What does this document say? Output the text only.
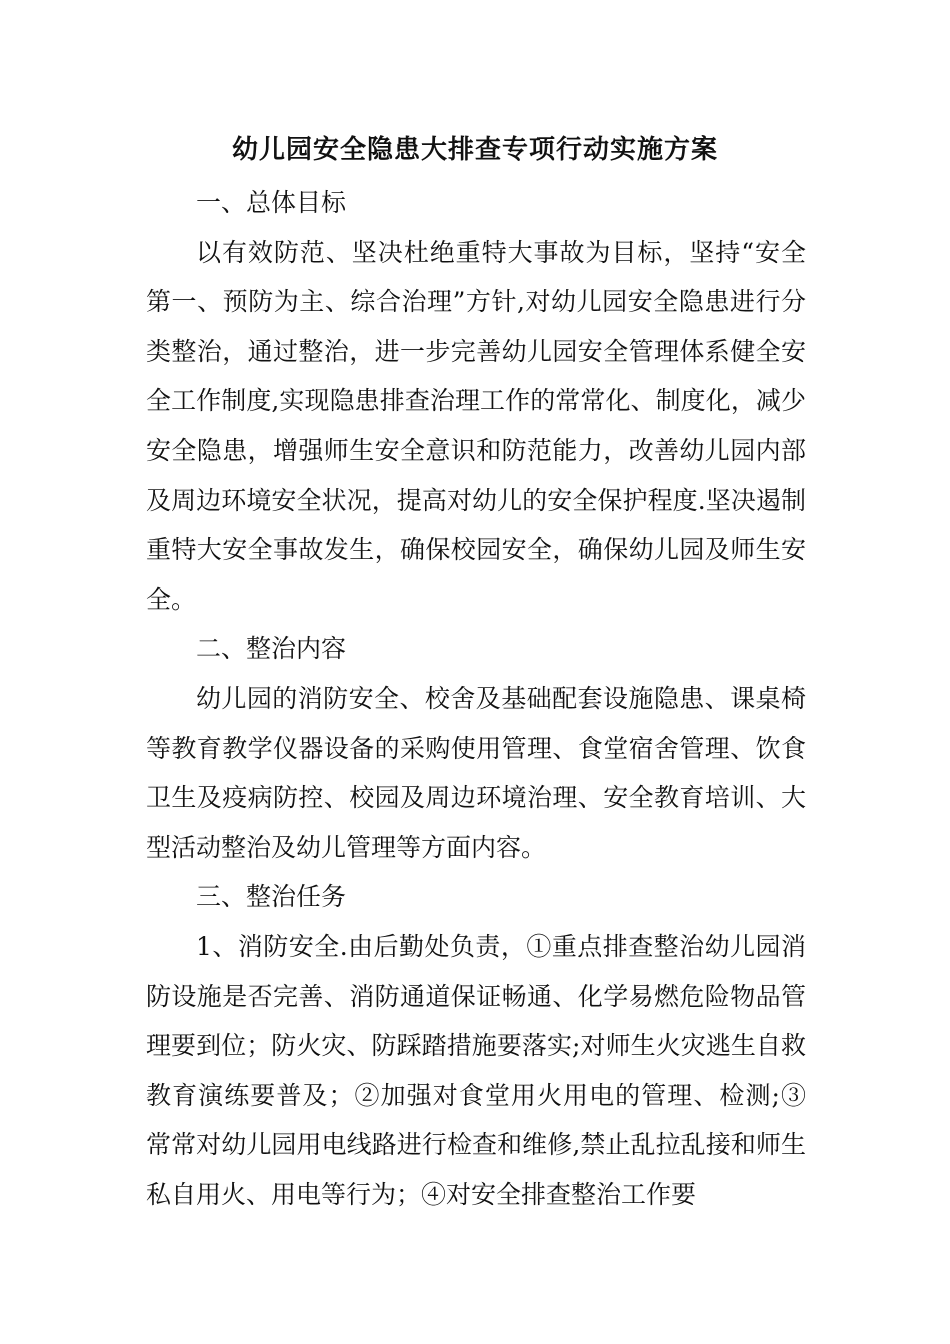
幼儿园安全隐患大排查专项行动实施方案

一、总体目标

以有效防范、坚决杜绝重特大事故为目标，坚持“安全第一、预防为主、综合治理”方针,对幼儿园安全隐患进行分类整治，通过整治，进一步完善幼儿园安全管理体系健全安全工作制度,实现隐患排查治理工作的常常化、制度化，减少安全隐患，增强师生安全意识和防范能力，改善幼儿园内部及周边环境安全状况，提高对幼儿的安全保护程度.坚决遏制重特大安全事故发生，确保校园安全，确保幼儿园及师生安全。

二、整治内容

幼儿园的消防安全、校舍及基础配套设施隐患、课桌椅等教育教学仪器设备的采购使用管理、食堂宿舍管理、饮食卫生及疫病防控、校园及周边环境治理、安全教育培训、大型活动整治及幼儿管理等方面内容。

三、整治任务

1、消防安全.由后勤处负责，①重点排查整治幼儿园消防设施是否完善、消防通道保证畅通、化学易燃危险物品管理要到位；防火灾、防踩踏措施要落实;对师生火灾逃生自救教育演练要普及；②加强对食堂用火用电的管理、检测;③ 常常对幼儿园用电线路进行检查和维修,禁止乱拉乱接和师生私自用火、用电等行为；④对安全排查整治工作要
